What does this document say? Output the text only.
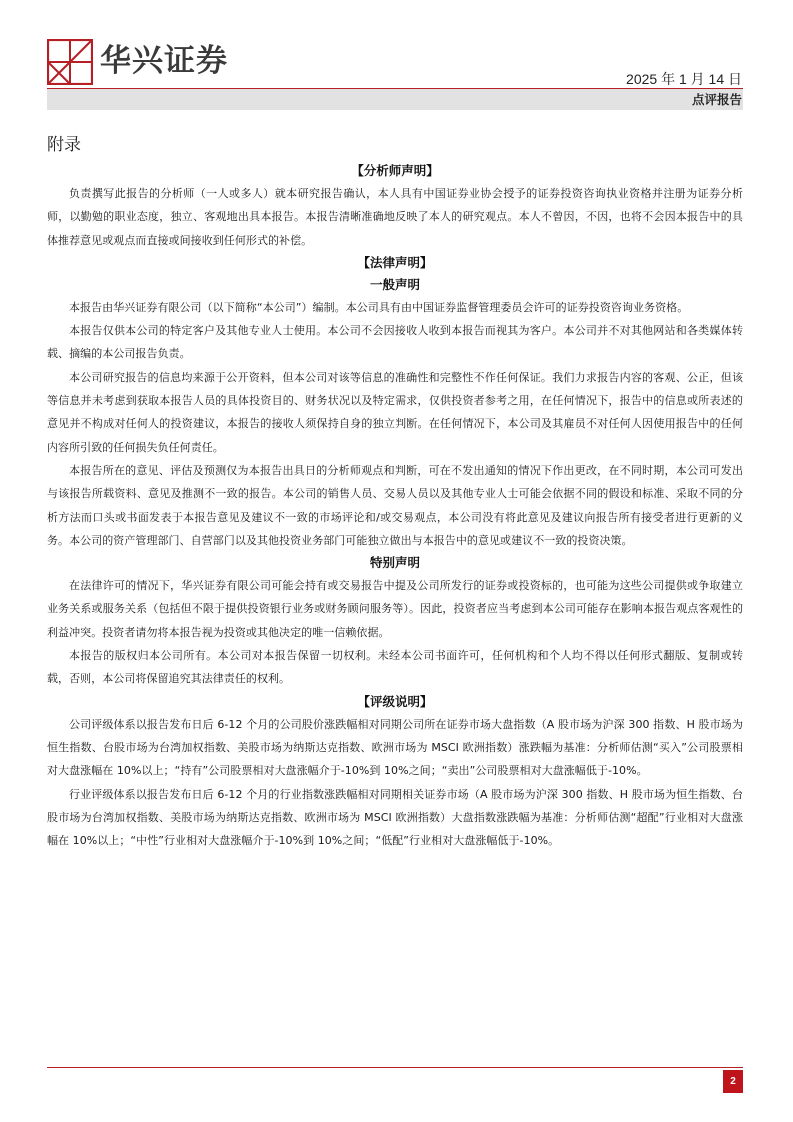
华兴证券	2025 年 1 月 14 日
点评报告
附录
【分析师声明】

负责撰写此报告的分析师（一人或多人）就本研究报告确认，本人具有中国证券业协会授予的证券投资咨询执业资格并注册为证券分析师，以勤勉的职业态度，独立、客观地出具本报告。本报告清晰准确地反映了本人的研究观点。本人不曾因，不因，也将不会因本报告中的具体推荐意见或观点而直接或间接收到任何形式的补偿。

【法律声明】
一般声明

本报告由华兴证券有限公司（以下简称“本公司”）编制。本公司具有由中国证券监督管理委员会许可的证券投资咨询业务资格。

本报告仅供本公司的特定客户及其他专业人士使用。本公司不会因接收人收到本报告而视其为客户。本公司并不对其他网站和各类媒体转载、摘编的本公司报告负责。

本公司研究报告的信息均来源于公开资料，但本公司对该等信息的准确性和完整性不作任何保证。我们力求报告内容的客观、公正，但该等信息并未考虑到获取本报告人员的具体投资目的、财务状况以及特定需求，仅供投资者参考之用，在任何情况下，报告中的信息或所表述的意见并不构成对任何人的投资建议，本报告的接收人须保持自身的独立判断。在任何情况下，本公司及其雇员不对任何人因使用报告中的任何内容所引致的任何损失负任何责任。

本报告所在的意见、评估及预测仅为本报告出具日的分析师观点和判断，可在不发出通知的情况下作出更改，在不同时期，本公司可发出与该报告所载资料、意见及推测不一致的报告。本公司的销售人员、交易人员以及其他专业人士可能会依据不同的假设和标准、采取不同的分析方法而口头或书面发表于本报告意见及建议不一致的市场评论和/或交易观点，本公司没有将此意见及建议向报告所有接受者进行更新的义务。本公司的资产管理部门、自营部门以及其他投资业务部门可能独立做出与本报告中的意见或建议不一致的投资决策。

特别声明

在法律许可的情况下，华兴证券有限公司可能会持有或交易报告中提及公司所发行的证券或投资标的，也可能为这些公司提供或争取建立业务关系或服务关系（包括但不限于提供投资银行业务或财务顾问服务等）。因此，投资者应当考虑到本公司可能存在影响本报告观点客观性的利益冲突。投资者请勿将本报告视为投资或其他决定的唯一信赖依据。

本报告的版权归本公司所有。本公司对本报告保留一切权利。未经本公司书面许可，任何机构和个人均不得以任何形式翻版、复制或转载，否则，本公司将保留追究其法律责任的权利。

【评级说明】

公司评级体系以报告发布日后 6-12 个月的公司股价涨跌幅相对同期公司所在证券市场大盘指数（A 股市场为沪深 300 指数、H 股市场为恒生指数、台股市场为台湾加权指数、美股市场为纳斯达克指数、欧洲市场为 MSCI 欧洲指数）涨跌幅为基准：分析师估测“买入”公司股票相对大盘涨幅在 10%以上；“持有”公司股票相对大盘涨幅介于-10%到 10%之间；“卖出”公司股票相对大盘涨幅低于-10%。

行业评级体系以报告发布日后 6-12 个月的行业指数涨跌幅相对同期相关证券市场（A 股市场为沪深 300 指数、H 股市场为恒生指数、台股市场为台湾加权指数、美股市场为纳斯达克指数、欧洲市场为 MSCI 欧洲指数）大盘指数涨跌幅为基准：分析师估测“超配”行业相对大盘涨幅在 10%以上；“中性”行业相对大盘涨幅介于-10%到 10%之间；“低配”行业相对大盘涨幅低于-10%。

2
